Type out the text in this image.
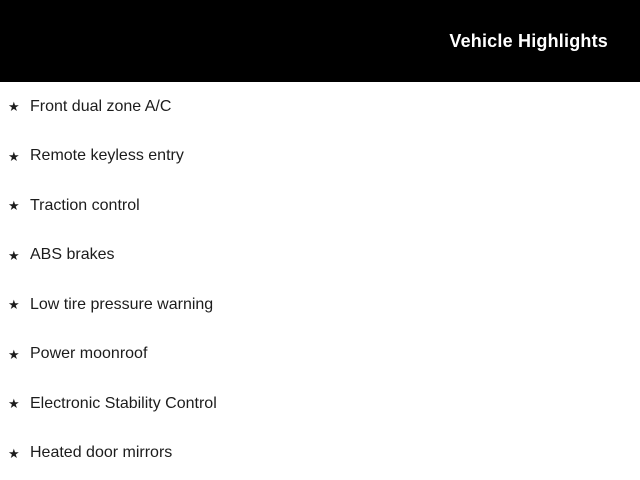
Vehicle Highlights
★ Front dual zone A/C
★ Remote keyless entry
★ Traction control
★ ABS brakes
★ Low tire pressure warning
★ Power moonroof
★ Electronic Stability Control
★ Heated door mirrors
